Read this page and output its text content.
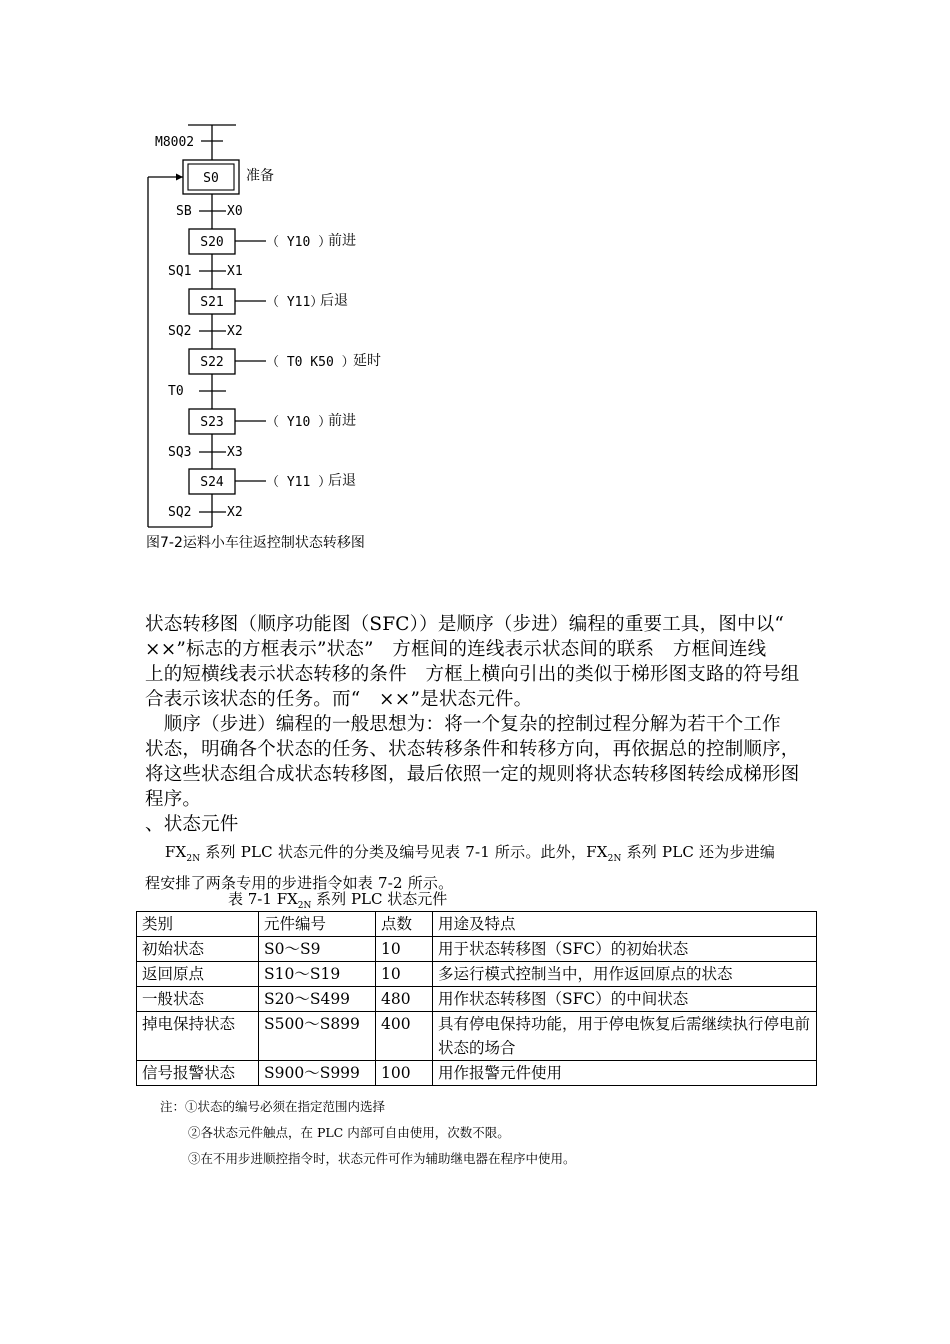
M8002
S0 准备
S20	（ Y10 ）
前进
S21	（ Y11）
后退
S22	（ T0 K50 ）
延时
S23	（ Y10 ）
前进
S24	（ Y11 ）
后退
SB	X0
SQ1	X1
SQ2	X2
T0
SQ3	X3
SQ2	X2
图7-2运料小车往返控制状态转移图

状态转移图（顺序功能图（SFC））是顺序（步进）编程的重要工具，图中以“

××”标志的方框表示”状态”　方框间的连线表示状态间的联系　方框间连线

上的短横线表示状态转移的条件　方框上横向引出的类似于梯形图支路的符号组

合表示该状态的任务。而“　××”是状态元件。

　顺序（步进）编程的一般思想为：将一个复杂的控制过程分解为若干个工作

状态，明确各个状态的任务、状态转移条件和转移方向，再依据总的控制顺序，

将这些状态组合成状态转移图，最后依照一定的规则将状态转移图转绘成梯形图

程序。

、状态元件

$FX_{2N}$ 系列 PLC 状态元件的分类及编号见表 7-1 所示。此外，$FX_{2N}$ 系列 PLC 还为步进编

程安排了两条专用的步进指令如表 7-2 所示。

表 7-1 $FX_{2N}$ 系列 PLC 状态元件
类别	元件编号	点数	用途及特点
初始状态	S0～S9	10	用于状态转移图（SFC）的初始状态
返回原点	S10～S19	10	多运行模式控制当中，用作返回原点的状态
一般状态	S20～S499	480	用作状态转移图（SFC）的中间状态
掉电保持状态	S500～S899	400	具有停电保持功能，用于停电恢复后需继续执行停电前状态的场合
信号报警状态	S900～S999	100	用作报警元件使用
注：①状态的编号必须在指定范围内选择
②各状态元件触点，在 PLC 内部可自由使用，次数不限。
③在不用步进顺控指令时，状态元件可作为辅助继电器在程序中使用。
